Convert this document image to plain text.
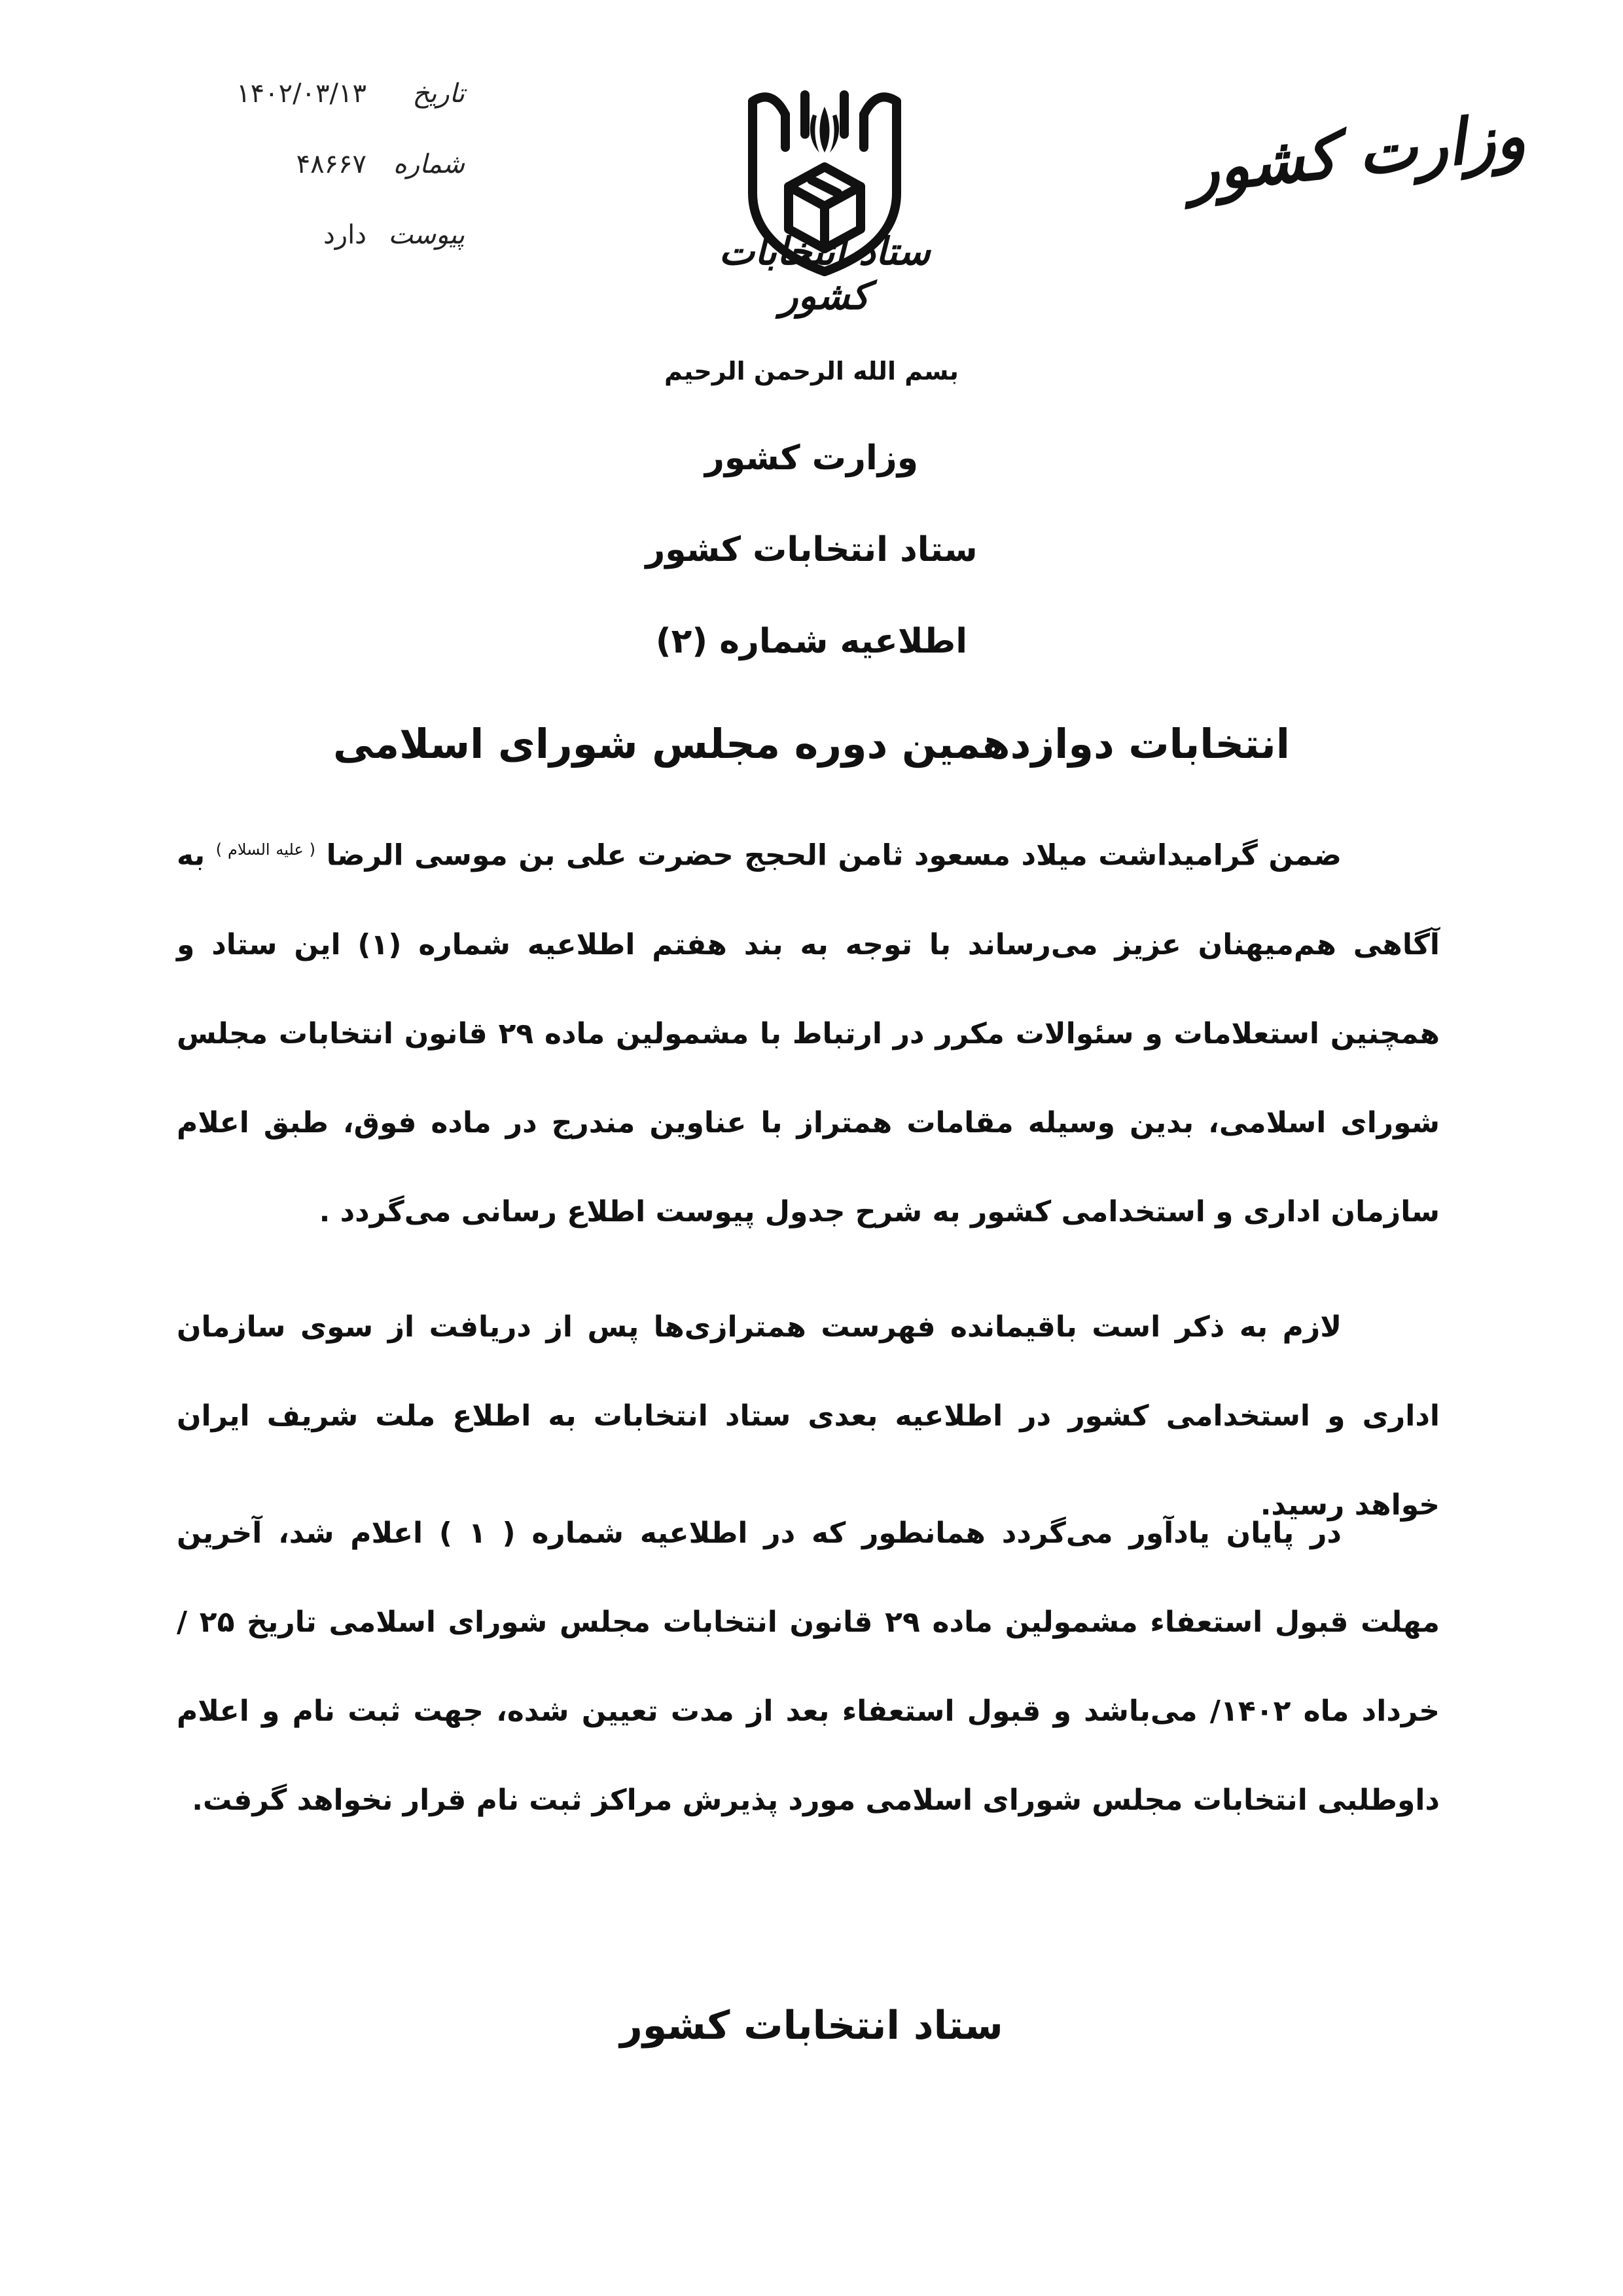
تاریخ
۱۴۰۲/۰۳/۱۳
شماره
۴۸۶۶۷
پیوست
دارد	ستاد انتخابات کشور
وزارت کشور
بسم الله الرحمن الرحیم
وزارت کشور
ستاد انتخابات کشور
اطلاعیه شماره (۲)
انتخابات دوازدهمین دوره مجلس شورای اسلامی
ضمن گرامیداشت میلاد مسعود ثامن الحجج حضرت علی بن موسی الرضا $^{( علیه السلام )}$ به آگاهی هم‌میهنان عزیز می‌رساند با توجه به بند هفتم اطلاعیه شماره (۱) این ستاد و همچنین استعلامات و سئوالات مکرر در ارتباط با مشمولین ماده ۲۹ قانون انتخابات مجلس شورای اسلامی، بدین وسیله مقامات همتراز با عناوین مندرج در ماده فوق، طبق اعلام سازمان اداری و استخدامی کشور به شرح جدول پیوست اطلاع رسانی می‌گردد .
لازم به ذکر است باقیمانده فهرست همترازی‌ها پس از دریافت از سوی سازمان اداری و استخدامی کشور در اطلاعیه بعدی ستاد انتخابات به اطلاع ملت شریف ایران خواهد رسید.
در پایان یادآور می‌گردد همانطور که در اطلاعیه شماره ( ۱ ) اعلام شد، آخرین مهلت قبول استعفاء مشمولین ماده ۲۹ قانون انتخابات مجلس شورای اسلامی تاریخ ۲۵ /خرداد ماه ۱۴۰۲/ می‌باشد و قبول استعفاء بعد از مدت تعیین شده، جهت ثبت نام و اعلام داوطلبی انتخابات مجلس شورای اسلامی مورد پذیرش مراکز ثبت نام قرار نخواهد گرفت.
ستاد انتخابات کشور
